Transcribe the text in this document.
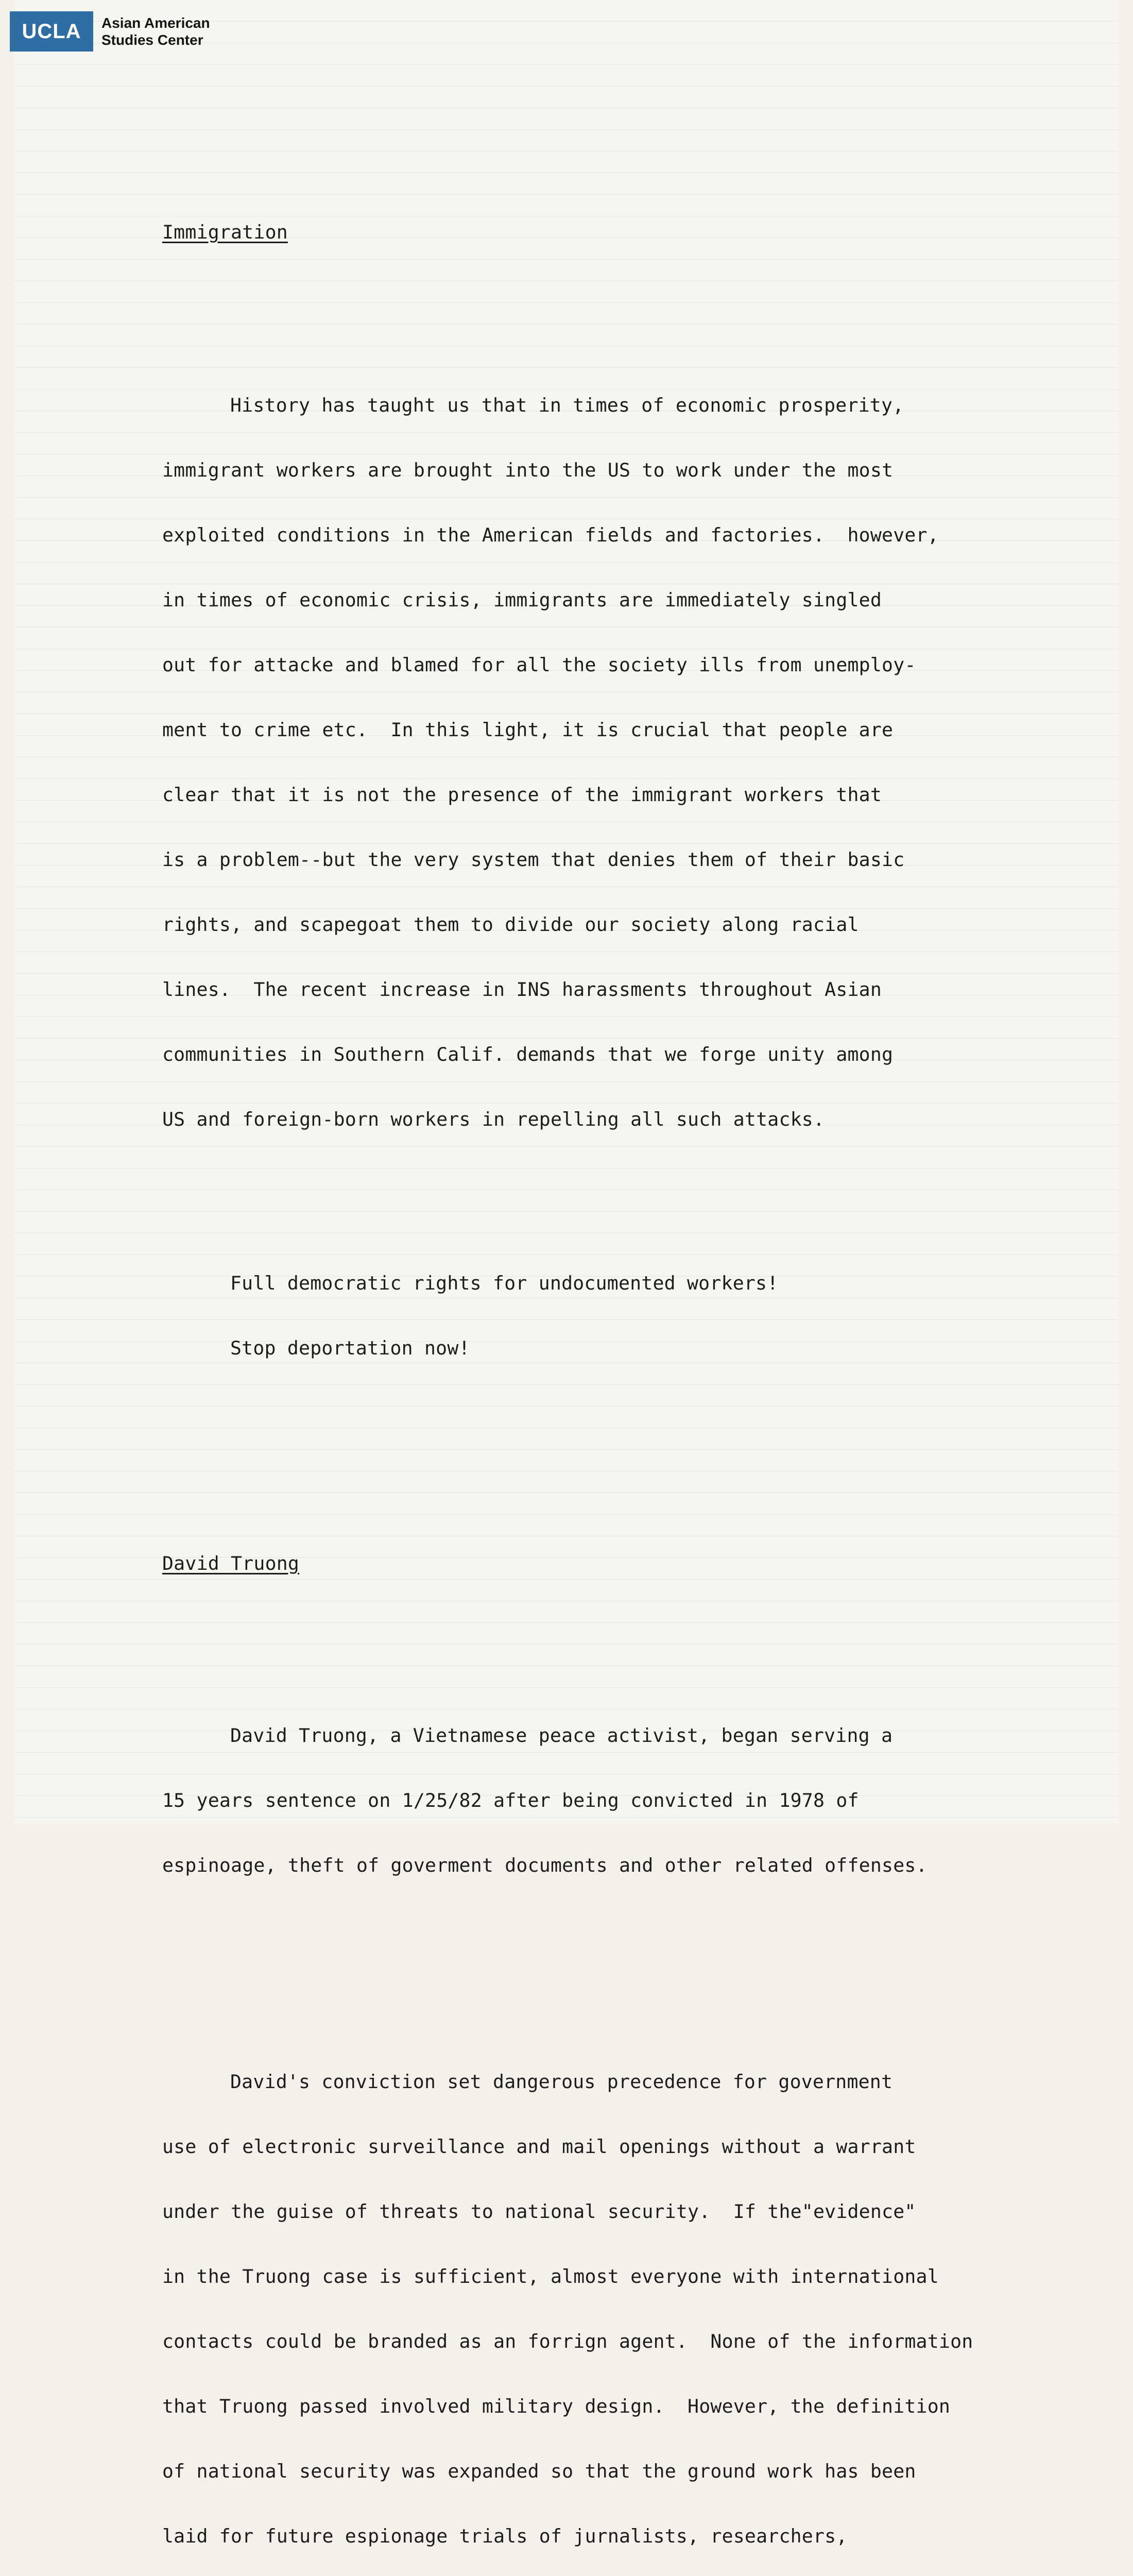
UCLA	Asian American
Studies Center

Immigration

History has taught us that in times of economic prosperity,

immigrant workers are brought into the US to work under the most

exploited conditions in the American fields and factories.  however,

in times of economic crisis, immigrants are immediately singled

out for attacke and blamed for all the society ills from unemploy-

ment to crime etc.  In this light, it is crucial that people are

clear that it is not the presence of the immigrant workers that

is a problem--but the very system that denies them of their basic

rights, and scapegoat them to divide our society along racial

lines.  The recent increase in INS harassments throughout Asian

communities in Southern Calif. demands that we forge unity among

US and foreign-born workers in repelling all such attacks.

Full democratic rights for undocumented workers!

Stop deportation now!

David Truong

David Truong, a Vietnamese peace activist, began serving a

15 years sentence on 1/25/82 after being convicted in 1978 of

espinoage, theft of goverment documents and other related offenses.

David's conviction set dangerous precedence for government

use of electronic surveillance and mail openings without a warrant

under the guise of threats to national security.  If the"evidence"

in the Truong case is sufficient, almost everyone with international

contacts could be branded as an forrign agent.  None of the information

that Truong passed involved military design.  However, the definition

of national security was expanded so that the ground work has been

laid for future espionage trials of jurnalists, researchers,
